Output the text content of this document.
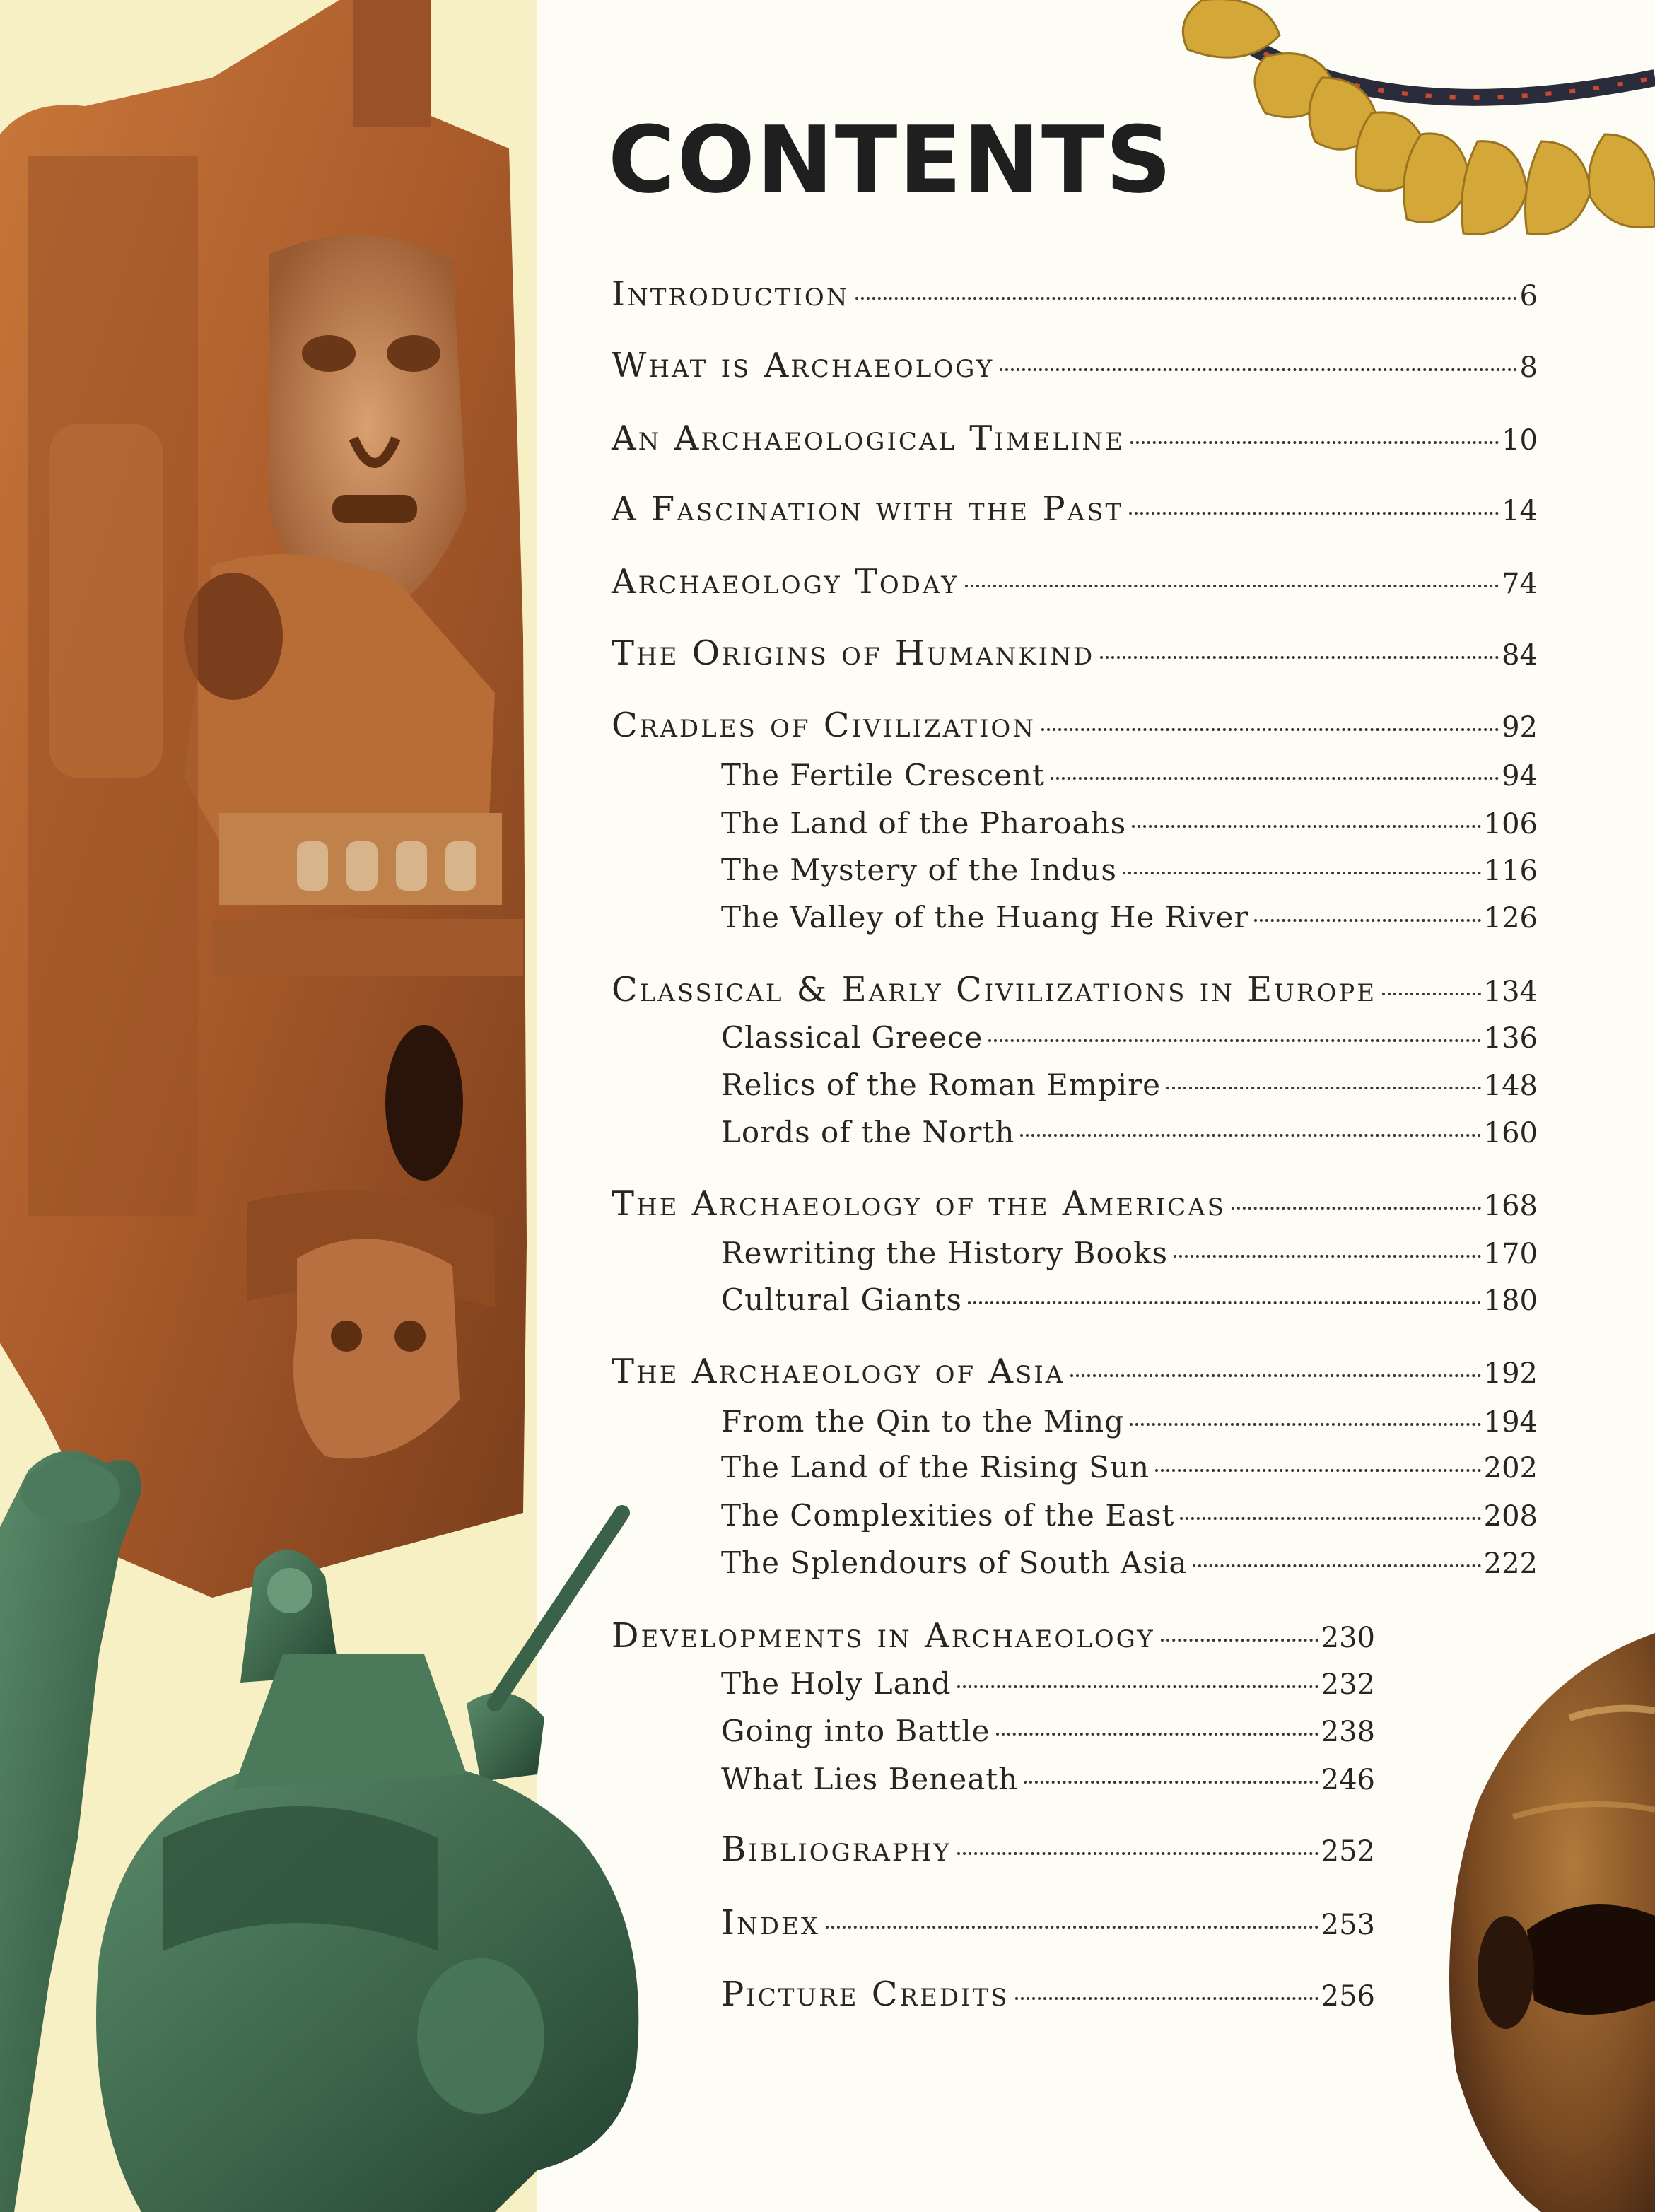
CONTENTS
Introduction	6
What is Archaeology	8
An Archaeological Timeline	10
A Fascination with the Past	14
Archaeology Today	74
The Origins of Humankind	84
Cradles of Civilization	92
The Fertile Crescent	94
The Land of the Pharoahs	106
The Mystery of the Indus	116
The Valley of the Huang He River	126
Classical & Early Civilizations in Europe	134
Classical Greece	136
Relics of the Roman Empire	148
Lords of the North	160
The Archaeology of the Americas	168
Rewriting the History Books	170
Cultural Giants	180
The Archaeology of Asia	192
From the Qin to the Ming	194
The Land of the Rising Sun	202
The Complexities of the East	208
The Splendours of South Asia	222
Developments in Archaeology	230
The Holy Land	232
Going into Battle	238
What Lies Beneath	246
Bibliography	252
Index	253
Picture Credits	256
